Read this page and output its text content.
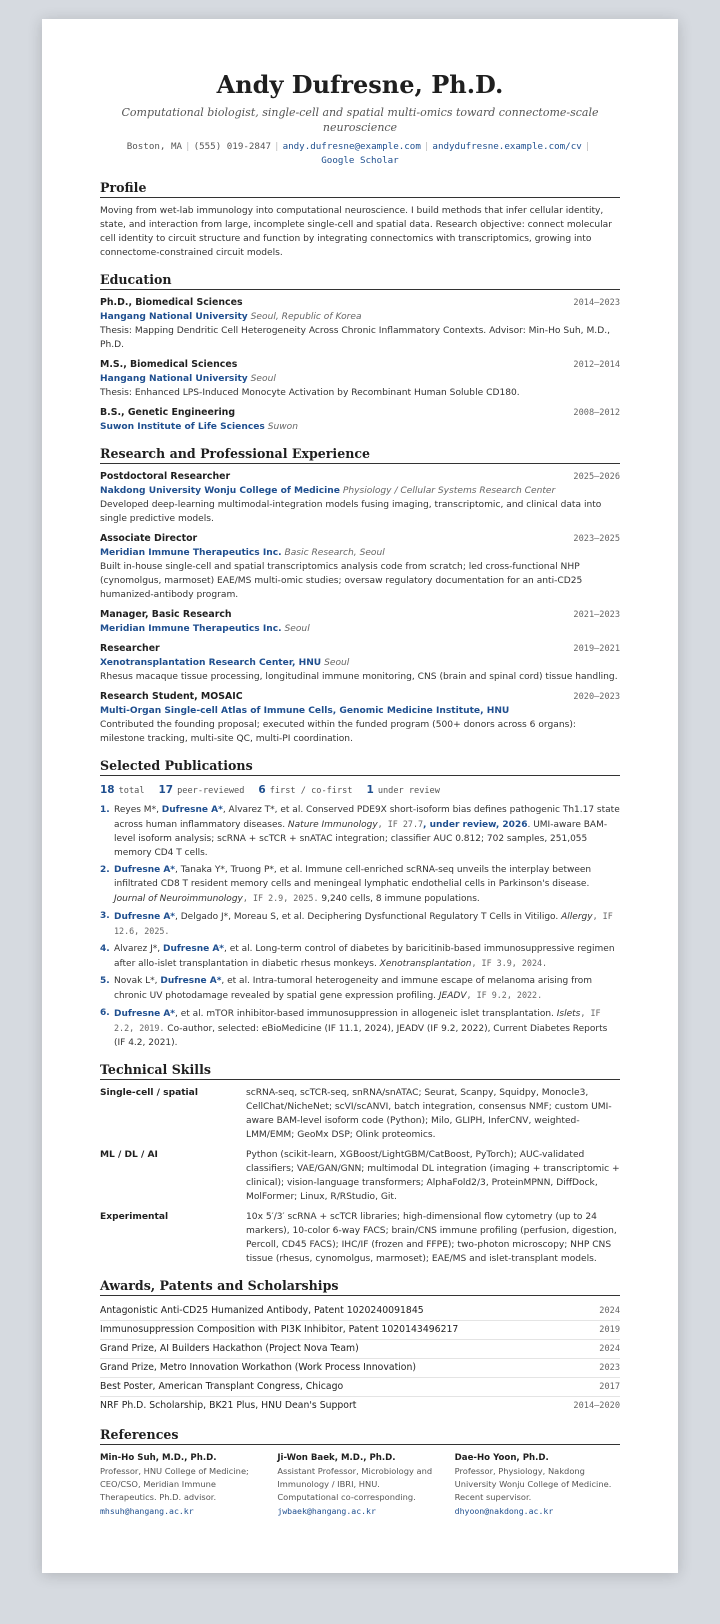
Andy Dufresne, Ph.D.
Computational biologist, single-cell and spatial multi-omics toward connectome-scale neuroscience
Boston, MA | (555) 019-2847 | andy.dufresne@example.com | andydufresne.example.com/cv |
Google Scholar
Profile
Moving from wet-lab immunology into computational neuroscience. I build methods that infer cellular identity, state, and interaction from large, incomplete single-cell and spatial data. Research objective: connect molecular cell identity to circuit structure and function by integrating connectomics with transcriptomics, growing into connectome-constrained circuit models.
Education
Ph.D., Biomedical Sciences	2014–2023
Hangang National University Seoul, Republic of Korea
Thesis: Mapping Dendritic Cell Heterogeneity Across Chronic Inflammatory Contexts. Advisor: Min-Ho Suh, M.D., Ph.D.
M.S., Biomedical Sciences	2012–2014
Hangang National University Seoul
Thesis: Enhanced LPS-Induced Monocyte Activation by Recombinant Human Soluble CD180.
B.S., Genetic Engineering	2008–2012
Suwon Institute of Life Sciences Suwon
Research and Professional Experience
Postdoctoral Researcher	2025–2026
Nakdong University Wonju College of Medicine Physiology / Cellular Systems Research Center
Developed deep-learning multimodal-integration models fusing imaging, transcriptomic, and clinical data into single predictive models.
Associate Director	2023–2025
Meridian Immune Therapeutics Inc. Basic Research, Seoul
Built in-house single-cell and spatial transcriptomics analysis code from scratch; led cross-functional NHP (cynomolgus, marmoset) EAE/MS multi-omic studies; oversaw regulatory documentation for an anti-CD25 humanized-antibody program.
Manager, Basic Research	2021–2023
Meridian Immune Therapeutics Inc. Seoul
Researcher	2019–2021
Xenotransplantation Research Center, HNU Seoul
Rhesus macaque tissue processing, longitudinal immune monitoring, CNS (brain and spinal cord) tissue handling.
Research Student, MOSAIC	2020–2023
Multi-Organ Single-cell Atlas of Immune Cells, Genomic Medicine Institute, HNU
Contributed the founding proposal; executed within the funded program (500+ donors across 6 organs): milestone tracking, multi-site QC, multi-PI coordination.
Selected Publications
18 total 17 peer-reviewed 6 first / co-first 1 under review
1. Reyes M*, Dufresne A*, Alvarez T*, et al. Conserved PDE9X short-isoform bias defines pathogenic Th1.17 state across human inflammatory diseases. Nature Immunology, IF 27.7, under review, 2026. UMI-aware BAM-level isoform analysis; scRNA + scTCR + snATAC integration; classifier AUC 0.812; 702 samples, 251,055 memory CD4 T cells.
2. Dufresne A*, Tanaka Y*, Truong P*, et al. Immune cell-enriched scRNA-seq unveils the interplay between infiltrated CD8 T resident memory cells and meningeal lymphatic endothelial cells in Parkinson's disease. Journal of Neuroimmunology, IF 2.9, 2025. 9,240 cells, 8 immune populations.
3. Dufresne A*, Delgado J*, Moreau S, et al. Deciphering Dysfunctional Regulatory T Cells in Vitiligo. Allergy, IF 12.6, 2025.
4. Alvarez J*, Dufresne A*, et al. Long-term control of diabetes by baricitinib-based immunosuppressive regimen after allo-islet transplantation in diabetic rhesus monkeys. Xenotransplantation, IF 3.9, 2024.
5. Novak L*, Dufresne A*, et al. Intra-tumoral heterogeneity and immune escape of melanoma arising from chronic UV photodamage revealed by spatial gene expression profiling. JEADV, IF 9.2, 2022.
6. Dufresne A*, et al. mTOR inhibitor-based immunosuppression in allogeneic islet transplantation. Islets, IF 2.2, 2019. Co-author, selected: eBioMedicine (IF 11.1, 2024), JEADV (IF 9.2, 2022), Current Diabetes Reports (IF 4.2, 2021).
Technical Skills
Single-cell / spatial	scRNA-seq, scTCR-seq, snRNA/snATAC; Seurat, Scanpy, Squidpy, Monocle3, CellChat/NicheNet; scVI/scANVI, batch integration, consensus NMF; custom UMI-aware BAM-level isoform code (Python); Milo, GLIPH, InferCNV, weighted-LMM/EMM; GeoMx DSP; Olink proteomics.
ML / DL / AI	Python (scikit-learn, XGBoost/LightGBM/CatBoost, PyTorch); AUC-validated classifiers; VAE/GAN/GNN; multimodal DL integration (imaging + transcriptomic + clinical); vision-language transformers; AlphaFold2/3, ProteinMPNN, DiffDock, MolFormer; Linux, R/RStudio, Git.
Experimental	10x 5′/3′ scRNA + scTCR libraries; high-dimensional flow cytometry (up to 24 markers), 10-color 6-way FACS; brain/CNS immune profiling (perfusion, digestion, Percoll, CD45 FACS); IHC/IF (frozen and FFPE); two-photon microscopy; NHP CNS tissue (rhesus, cynomolgus, marmoset); EAE/MS and islet-transplant models.
Awards, Patents and Scholarships
Antagonistic Anti-CD25 Humanized Antibody, Patent 1020240091845	2024
Immunosuppression Composition with PI3K Inhibitor, Patent 1020143496217	2019
Grand Prize, AI Builders Hackathon (Project Nova Team)	2024
Grand Prize, Metro Innovation Workathon (Work Process Innovation)	2023
Best Poster, American Transplant Congress, Chicago	2017
NRF Ph.D. Scholarship, BK21 Plus, HNU Dean's Support	2014–2020
References
Min-Ho Suh, M.D., Ph.D.
Professor, HNU College of Medicine; CEO/CSO, Meridian Immune Therapeutics. Ph.D. advisor.
mhsuh@hangang.ac.kr
Ji-Won Baek, M.D., Ph.D.
Assistant Professor, Microbiology and Immunology / IBRI, HNU. Computational co-corresponding.
jwbaek@hangang.ac.kr
Dae-Ho Yoon, Ph.D.
Professor, Physiology, Nakdong University Wonju College of Medicine. Recent supervisor.
dhyoon@nakdong.ac.kr
